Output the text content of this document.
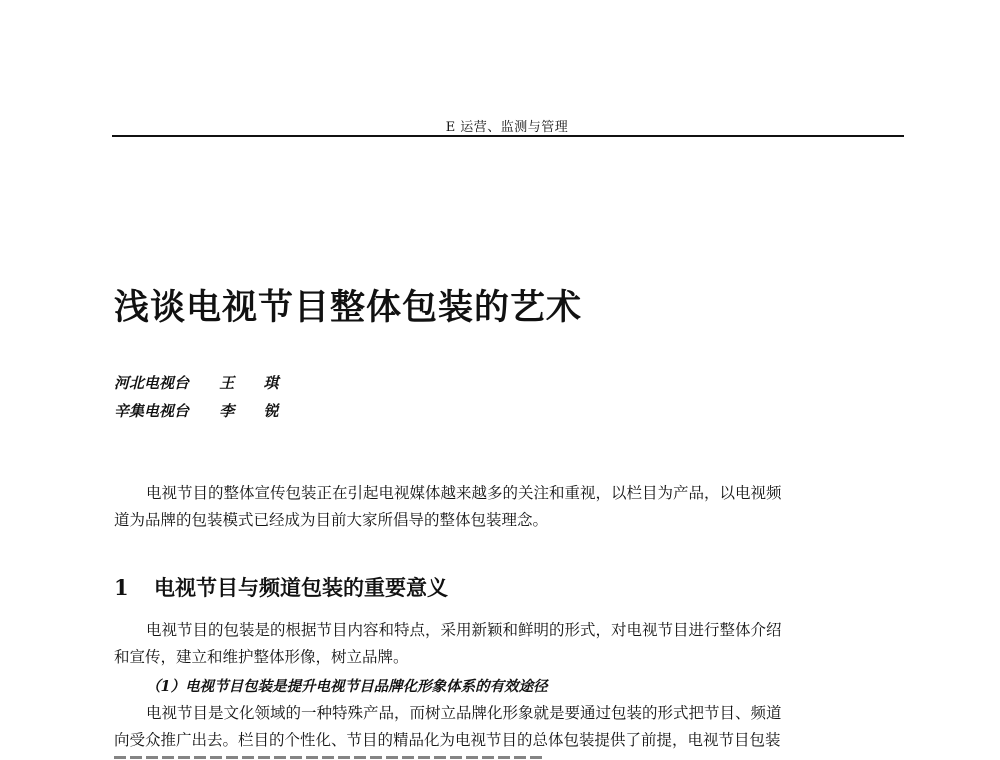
E 运营、监测与管理
浅谈电视节目整体包装的艺术
河北电视台 王 琪
辛集电视台 李 锐
电视节目的整体宣传包装正在引起电视媒体越来越多的关注和重视，以栏目为产品，以电视频
道为品牌的包装模式已经成为目前大家所倡导的整体包装理念。
1 电视节目与频道包装的重要意义
电视节目的包装是的根据节目内容和特点，采用新颖和鲜明的形式，对电视节目进行整体介绍
和宣传，建立和维护整体形像，树立品牌。
（1）电视节目包装是提升电视节目品牌化形象体系的有效途径
电视节目是文化领域的一种特殊产品，而树立品牌化形象就是要通过包装的形式把节目、频道
向受众推广出去。栏目的个性化、节目的精品化为电视节目的总体包装提供了前提，电视节目包装
